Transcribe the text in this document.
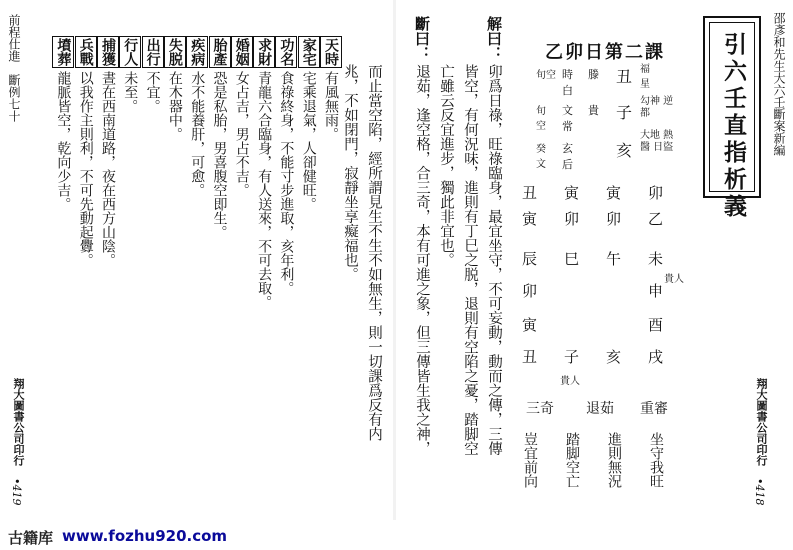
邵彥和先生大六壬斷案新編
引六壬直指析義
翔大圖書公司印行
•418
乙卯日第二課
旬空 時白
滕 丑 福星
旬空
文常
貴 子
勾神 逆都
癸文
玄后
亥
大地 熱醫 日盜
卯
乙
寅
卯
寅
卯
丑
寅
未
午
巳
辰
貴人
申
酉
戌
卯
寅
丑	亥
子
貴人
重審
坐守我旺
退茹
進則無況
踏脚空亡
三奇
豈宜前向
解曰：
卯爲日祿，旺祿臨身，最宜坐守，不可妄動，動而之傳，三傳
皆空，有何況味，進則有丁巳之脱，退則有空陷之憂，踏脚空
亡雖云反宜進步，獨此非宜也。
斷曰：
退茹，逢空格，合三奇，本有可進之象，但三傳皆生我之神，
而止當空陷，經所謂見生不生不如無生，則一切課爲反有内
兆，不如閉門，寂靜坐享癡福也。
前程仕進　斷例七十
翔大圖書公司印行
•419
天時有風無雨。
家宅宅乘退氣，人卻健旺。
功名食祿終身，不能寸步進取，亥年利。
求財青龍六合臨身，有人送來，不可去取。
婚姻女占吉，男占不吉。
胎產恐是私胎，男喜腹空即生。
疾病水不能養肝，可愈。
失脱在木器中。
出行不宜。
行人未至。
捕獲晝在西南道路，夜在西方山陰。
兵戰以我作主則利，不可先動起釁。
墳葬龍脈皆空，乾向少吉。
古籍库 www.fozhu920.com
